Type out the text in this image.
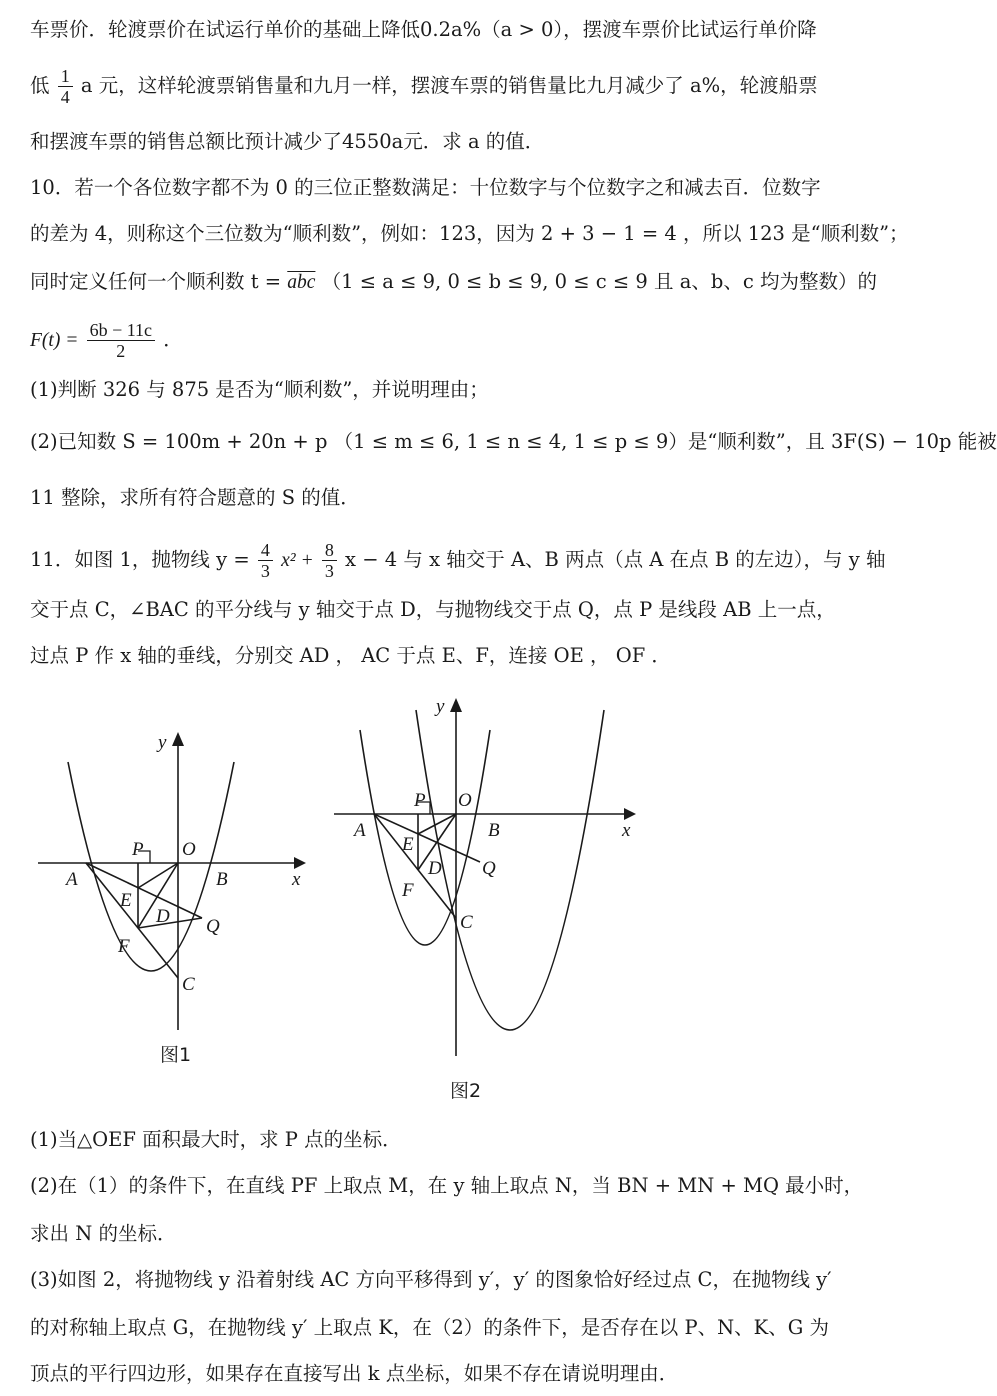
车票价．轮渡票价在试运行单价的基础上降低0.2a%（a > 0），摆渡车票价比试运行单价降
低 $\frac{1}{4}$ a 元，这样轮渡票销售量和九月一样，摆渡车票的销售量比九月减少了 a%，轮渡船票
和摆渡车票的销售总额比预计减少了4550a元．求 a 的值．
10．若一个各位数字都不为 0 的三位正整数满足：十位数字与个位数字之和减去百．位数字
的差为 4，则称这个三位数为“顺利数”，例如：123，因为 2 + 3 − 1 = 4 ，所以 123 是“顺利数”；
同时定义任何一个顺利数 $t = \overline{abc}$ （1 ≤ a ≤ 9, 0 ≤ b ≤ 9, 0 ≤ c ≤ 9 且 a、b、c 均为整数）的
$F(t) = \frac{6b - 11c}{2}$ ．
(1)判断 326 与 875 是否为“顺利数”，并说明理由；
(2)已知数 S = 100m + 20n + p （1 ≤ m ≤ 6, 1 ≤ n ≤ 4, 1 ≤ p ≤ 9）是“顺利数”，且 3F(S) − 10p 能被
11 整除，求所有符合题意的 S 的值．
11．如图 1，抛物线 $y = \frac{4}{3} x^2 + \frac{8}{3}$ x − 4 与 x 轴交于 A、B 两点（点 A 在点 B 的左边），与 y 轴
交于点 C，∠BAC 的平分线与 y 轴交于点 D，与抛物线交于点 Q，点 P 是线段 AB 上一点，
过点 P 作 x 轴的垂线，分别交 AD ， AC 于点 E、F，连接 OE ， OF ．
y
x
P O
A	B
E
D Q
F
C
图1
y
x
P O
A	B
E
D Q
F
C
图2
(1)当△OEF 面积最大时，求 P 点的坐标．
(2)在（1）的条件下，在直线 PF 上取点 M，在 y 轴上取点 N，当 BN + MN + MQ 最小时，
求出 N 的坐标．
(3)如图 2，将抛物线 y 沿着射线 AC 方向平移得到 y′，y′ 的图象恰好经过点 C，在抛物线 y′
的对称轴上取点 G，在抛物线 y′ 上取点 K，在（2）的条件下，是否存在以 P、N、K、G 为
顶点的平行四边形，如果存在直接写出 k 点坐标，如果不存在请说明理由．
